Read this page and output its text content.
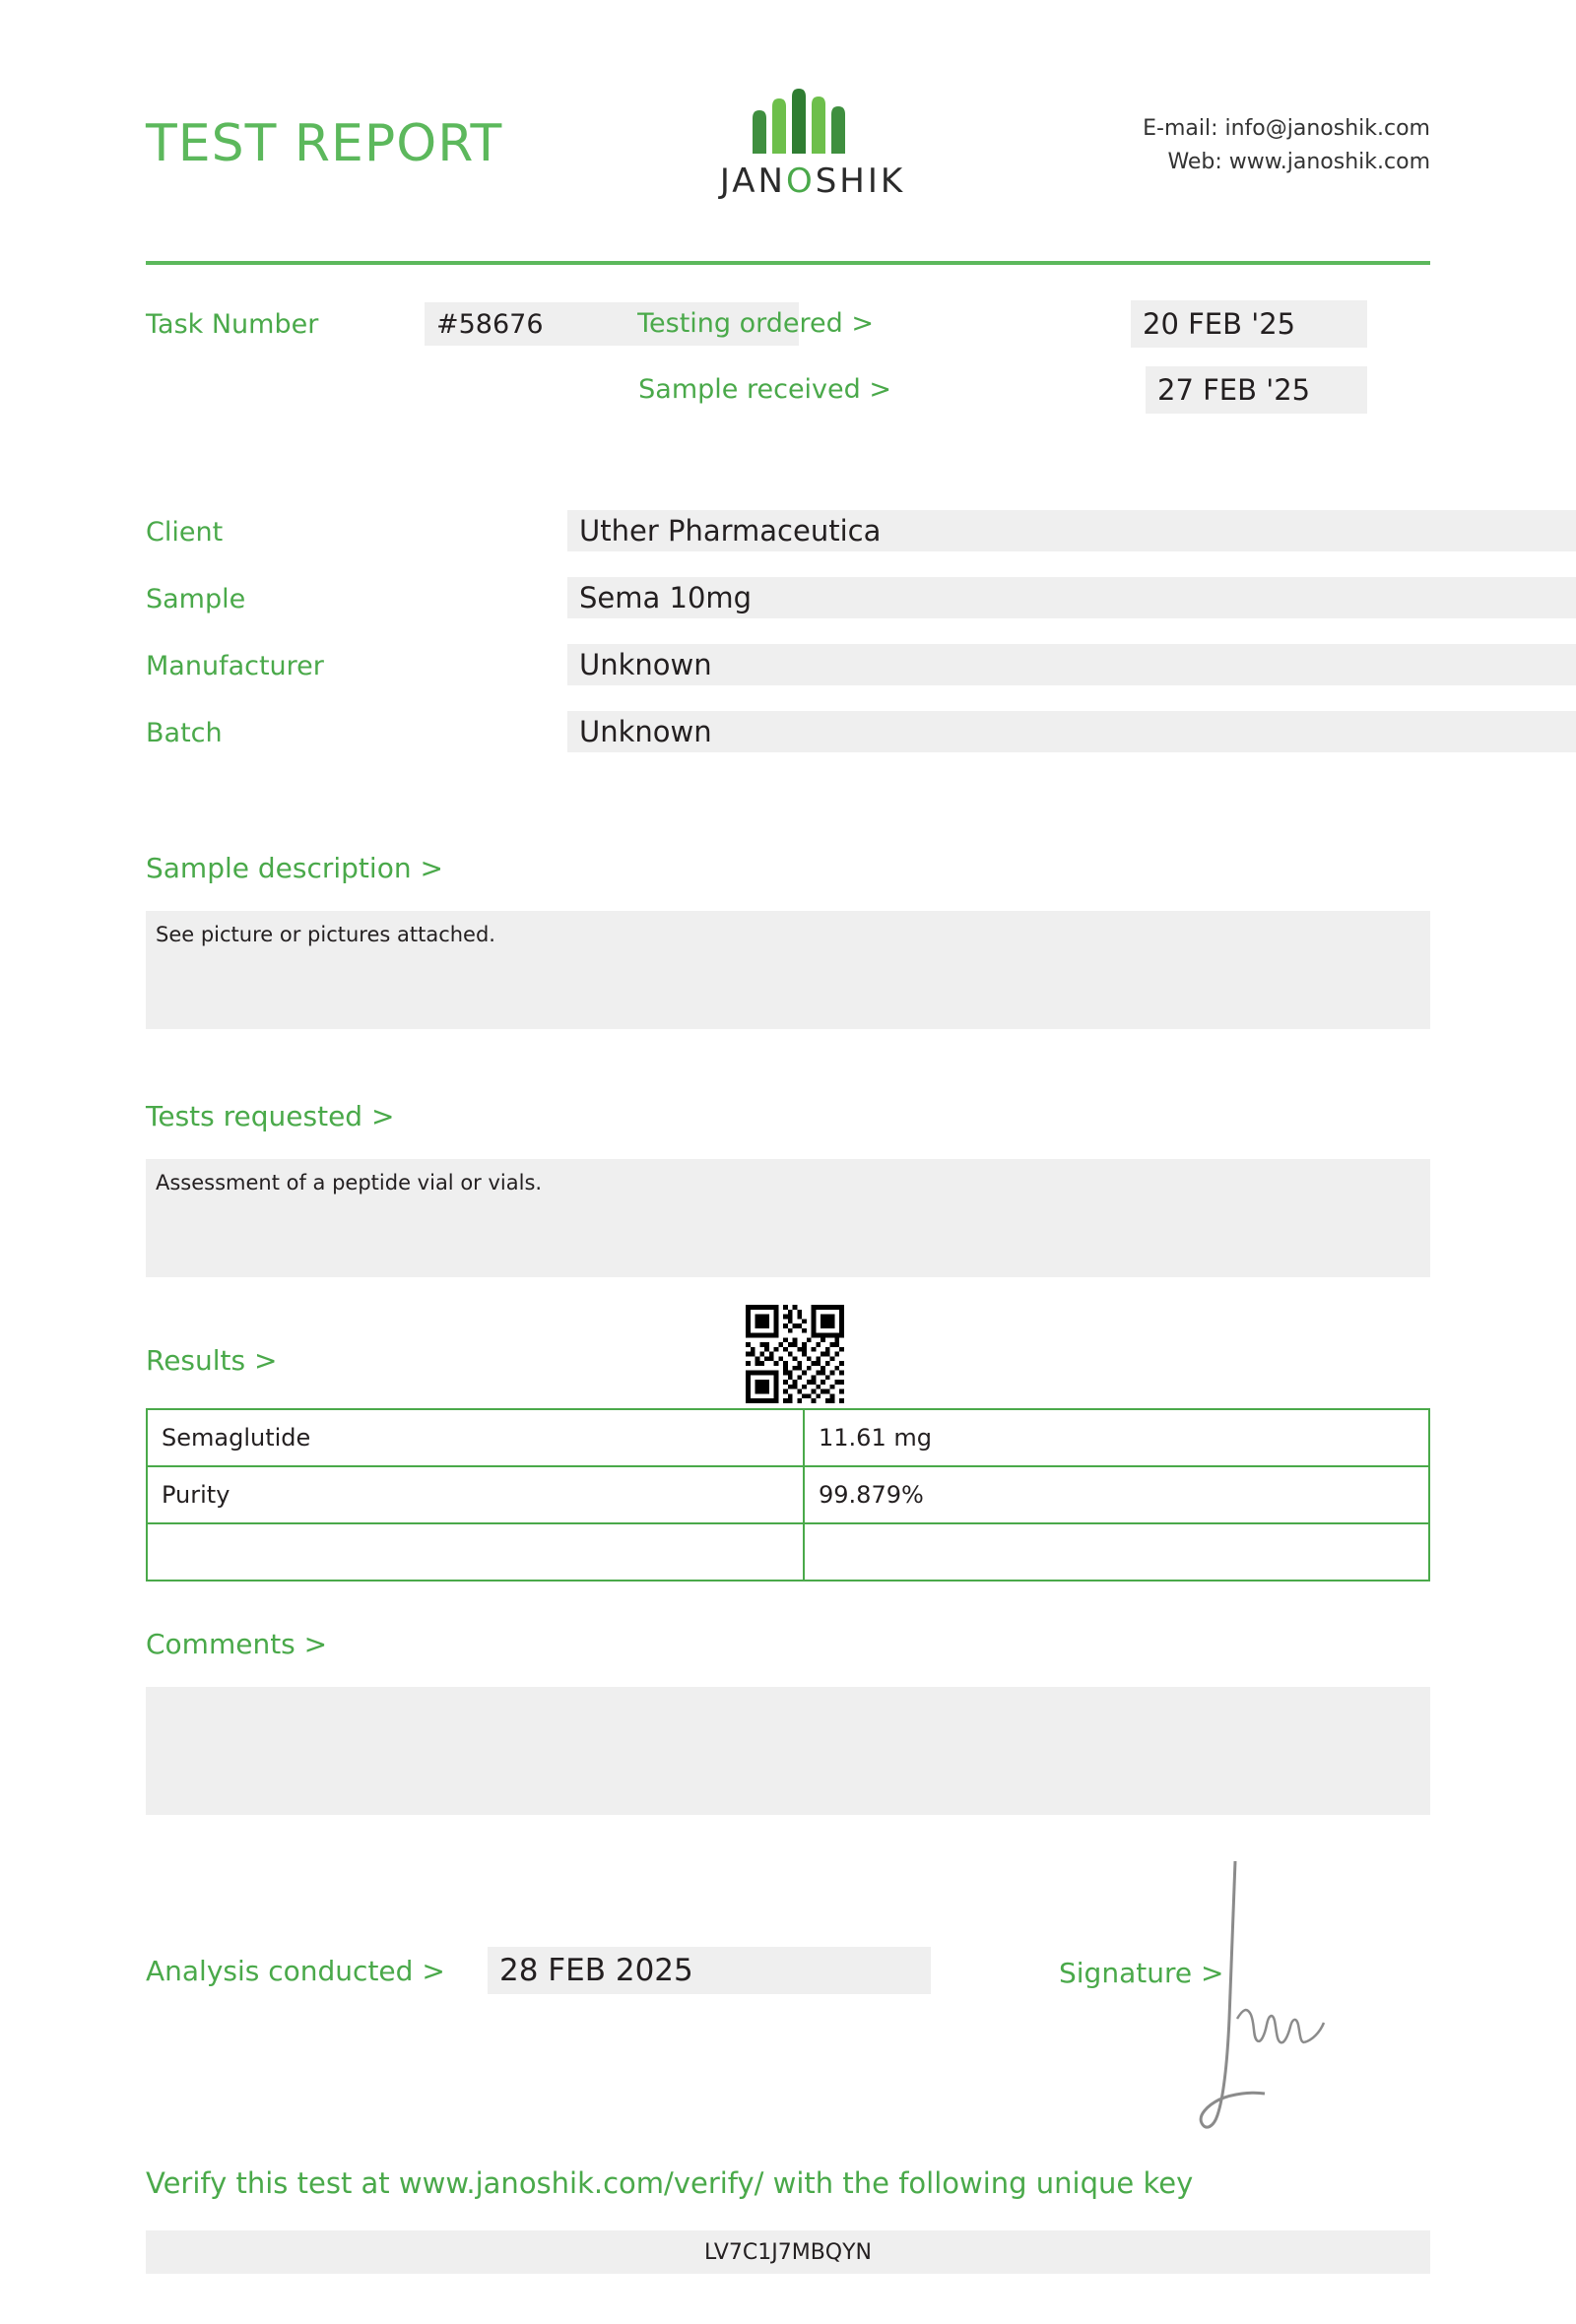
TEST REPORT
JANOSHIK
E-mail: info@janoshik.com
Web: www.janoshik.com
Task Number	#58676	Testing ordered >	20 FEB '25
Sample received >	27 FEB '25
Client	Uther Pharmaceutica
Sample	Sema 10mg
Manufacturer	Unknown
Batch	Unknown
Sample description >
See picture or pictures attached.
Tests requested >
Assessment of a peptide vial or vials.
Results >
Semaglutide	11.61 mg
Purity	99.879%

Comments >
Analysis conducted >	28 FEB 2025	Signature >
Verify this test at www.janoshik.com/verify/ with the following unique key
LV7C1J7MBQYN
